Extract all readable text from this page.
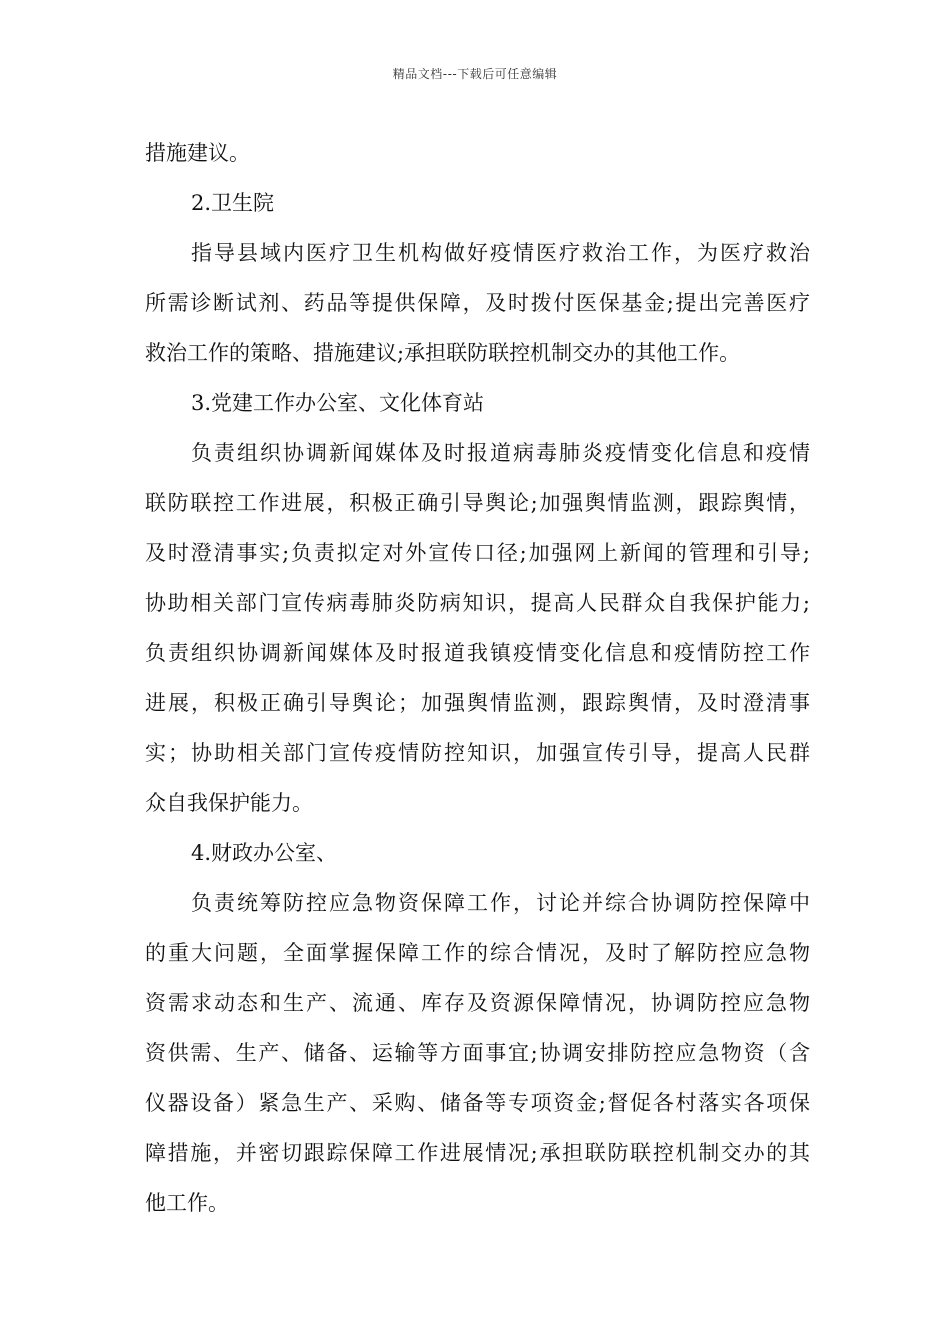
精品文档---下载后可任意编辑
措施建议。
2.卫生院
指导县域内医疗卫生机构做好疫情医疗救治工作，为医疗救治
所需诊断试剂、药品等提供保障，及时拨付医保基金;提出完善医疗
救治工作的策略、措施建议;承担联防联控机制交办的其他工作。
3.党建工作办公室、文化体育站
负责组织协调新闻媒体及时报道病毒肺炎疫情变化信息和疫情
联防联控工作进展，积极正确引导舆论;加强舆情监测，跟踪舆情，
及时澄清事实;负责拟定对外宣传口径;加强网上新闻的管理和引导;
协助相关部门宣传病毒肺炎防病知识，提高人民群众自我保护能力;
负责组织协调新闻媒体及时报道我镇疫情变化信息和疫情防控工作
进展，积极正确引导舆论；加强舆情监测，跟踪舆情，及时澄清事
实；协助相关部门宣传疫情防控知识，加强宣传引导，提高人民群
众自我保护能力。
4.财政办公室、
负责统筹防控应急物资保障工作，讨论并综合协调防控保障中
的重大问题，全面掌握保障工作的综合情况，及时了解防控应急物
资需求动态和生产、流通、库存及资源保障情况，协调防控应急物
资供需、生产、储备、运输等方面事宜;协调安排防控应急物资（含
仪器设备）紧急生产、采购、储备等专项资金;督促各村落实各项保
障措施，并密切跟踪保障工作进展情况;承担联防联控机制交办的其
他工作。
